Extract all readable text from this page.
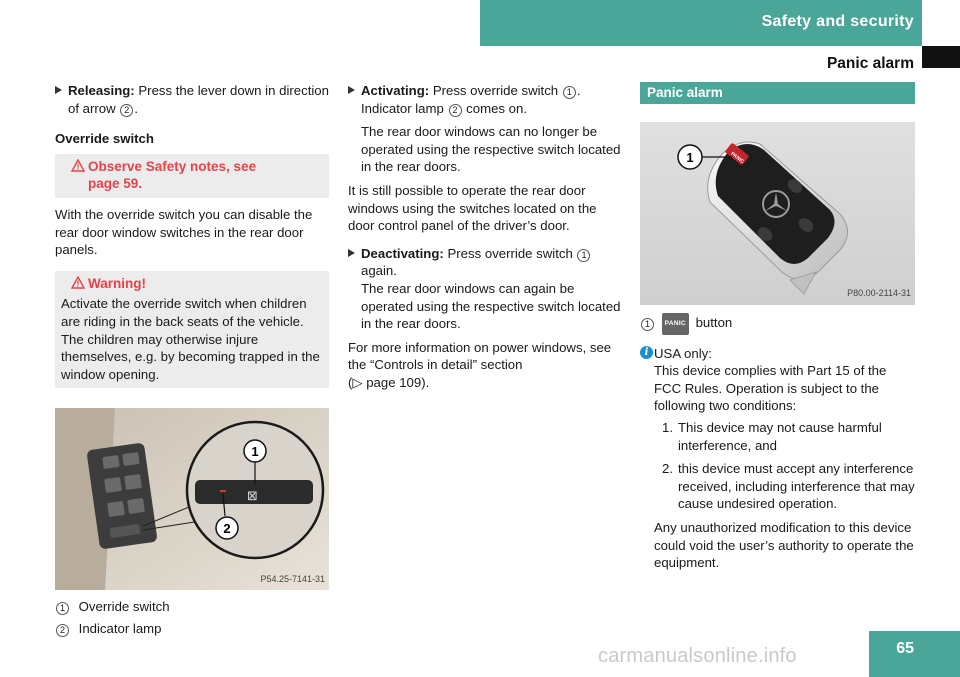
Safety and security
Panic alarm
Releasing: Press the lever down in direction of arrow 2 .
Override switch
Observe Safety notes, see
page 59.

With the override switch you can disable the rear door window switches in the rear door panels.

Warning!
Activate the override switch when children are riding in the back seats of the vehicle. The children may otherwise injure themselves, e.g. by becoming trapped in the window opening.
⊠
1
2
P54.25-7141-31
1 Override switch
2 Indicator lamp
Activating: Press override switch 1 .
Indicator lamp 2 comes on.

The rear door windows can no longer be operated using the respective switch located in the rear doors.

It is still possible to operate the rear door windows using the switches located on the door control panel of the driver’s door.

Deactivating: Press override switch 1 again.
The rear door windows can again be operated using the respective switch located in the rear doors.

For more information on power windows, see the “Controls in detail” section
(▷ page 109).

Panic alarm
PANIC
1
P80.00-2114-31
1 PANIC button
i USA only:
This device complies with Part 15 of the FCC Rules. Operation is subject to the following two conditions:
1. This device may not cause harmful interference, and
2. this device must accept any interference received, including interference that may cause undesired operation.
Any unauthorized modification to this device could void the user’s authority to operate the equipment.
65
carmanualsonline.info
